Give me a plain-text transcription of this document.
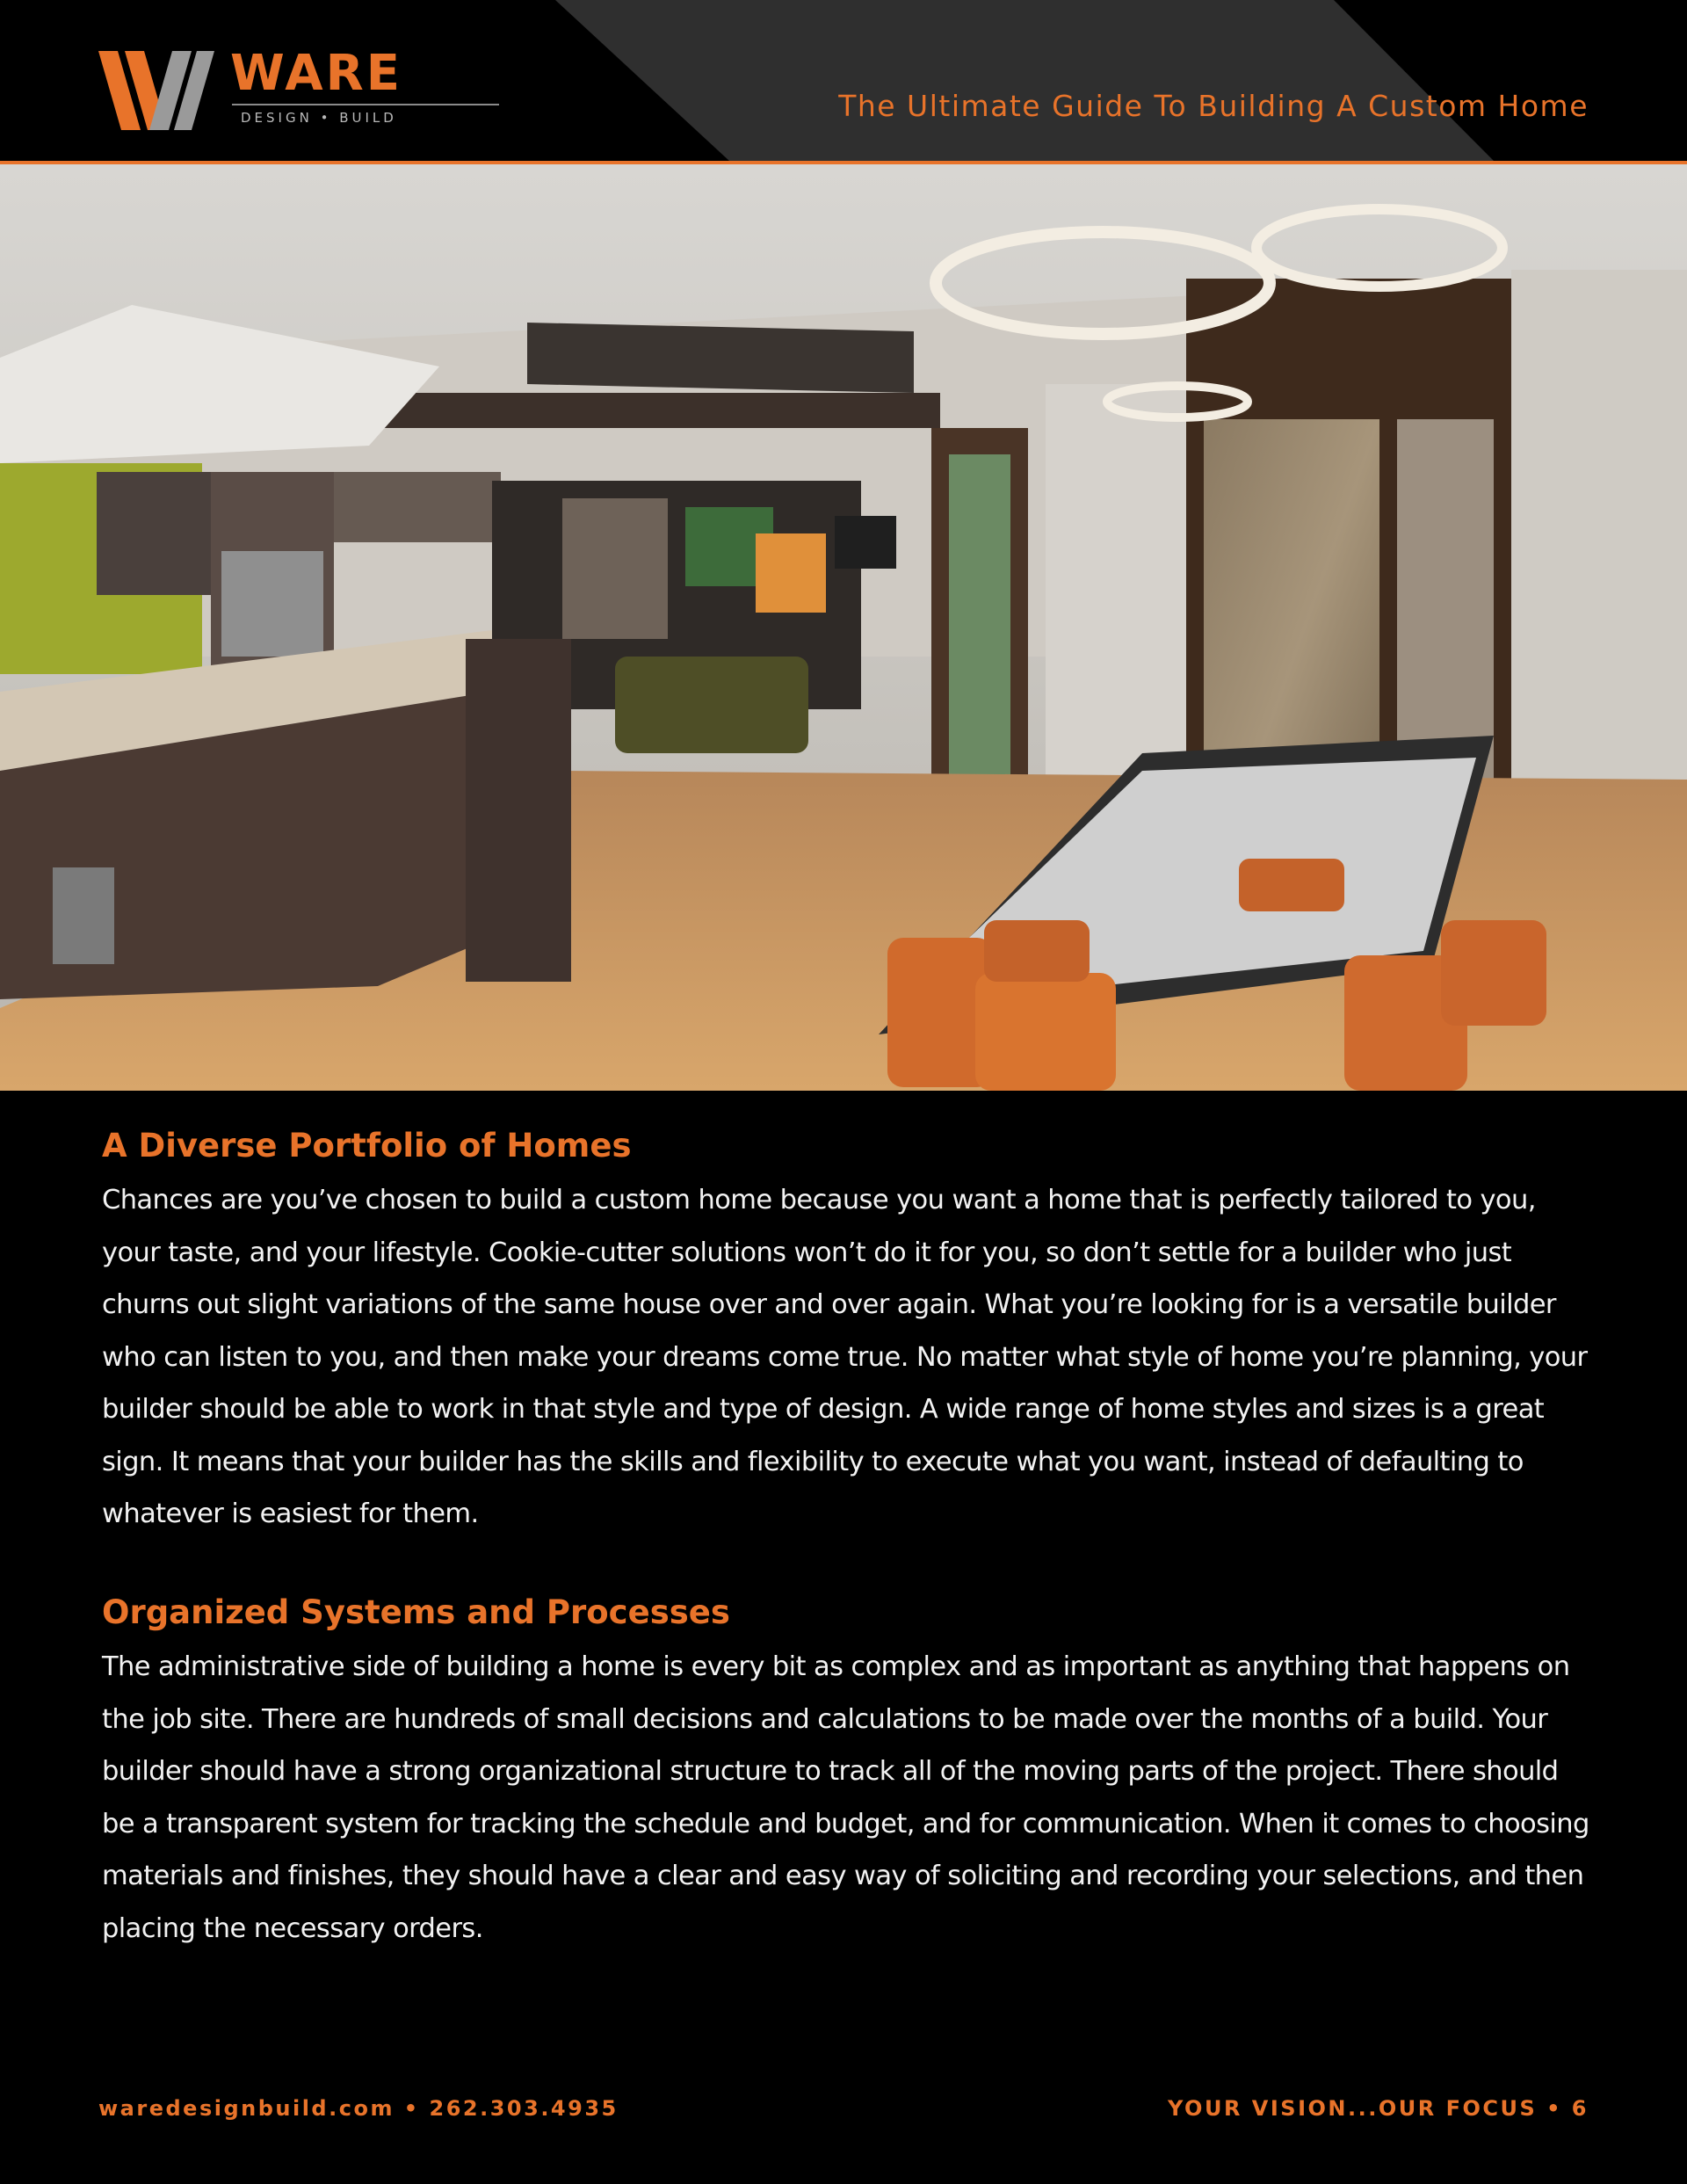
WARE
DESIGN • BUILD	The Ultimate Guide To Building A Custom Home
A Diverse Portfolio of Homes

Chances are you’ve chosen to build a custom home because you want a home that is perfectly tailored to you, your taste, and your lifestyle. Cookie-cutter solutions won’t do it for you, so don’t settle for a builder who just churns out slight variations of the same house over and over again. What you’re looking for is a versatile builder who can listen to you, and then make your dreams come true. No matter what style of home you’re planning, your builder should be able to work in that style and type of design. A wide range of home styles and sizes is a great sign. It means that your builder has the skills and flexibility to execute what you want, instead of defaulting to whatever is easiest for them.

Organized Systems and Processes

The administrative side of building a home is every bit as complex and as important as anything that happens on the job site. There are hundreds of small decisions and calculations to be made over the months of a build. Your builder should have a strong organizational structure to track all of the moving parts of the project. There should be a transparent system for tracking the schedule and budget, and for communication. When it comes to choosing materials and finishes, they should have a clear and easy way of soliciting and recording your selections, and then placing the necessary orders.

waredesignbuild.com • 262.303.4935	YOUR VISION...OUR FOCUS • 6
